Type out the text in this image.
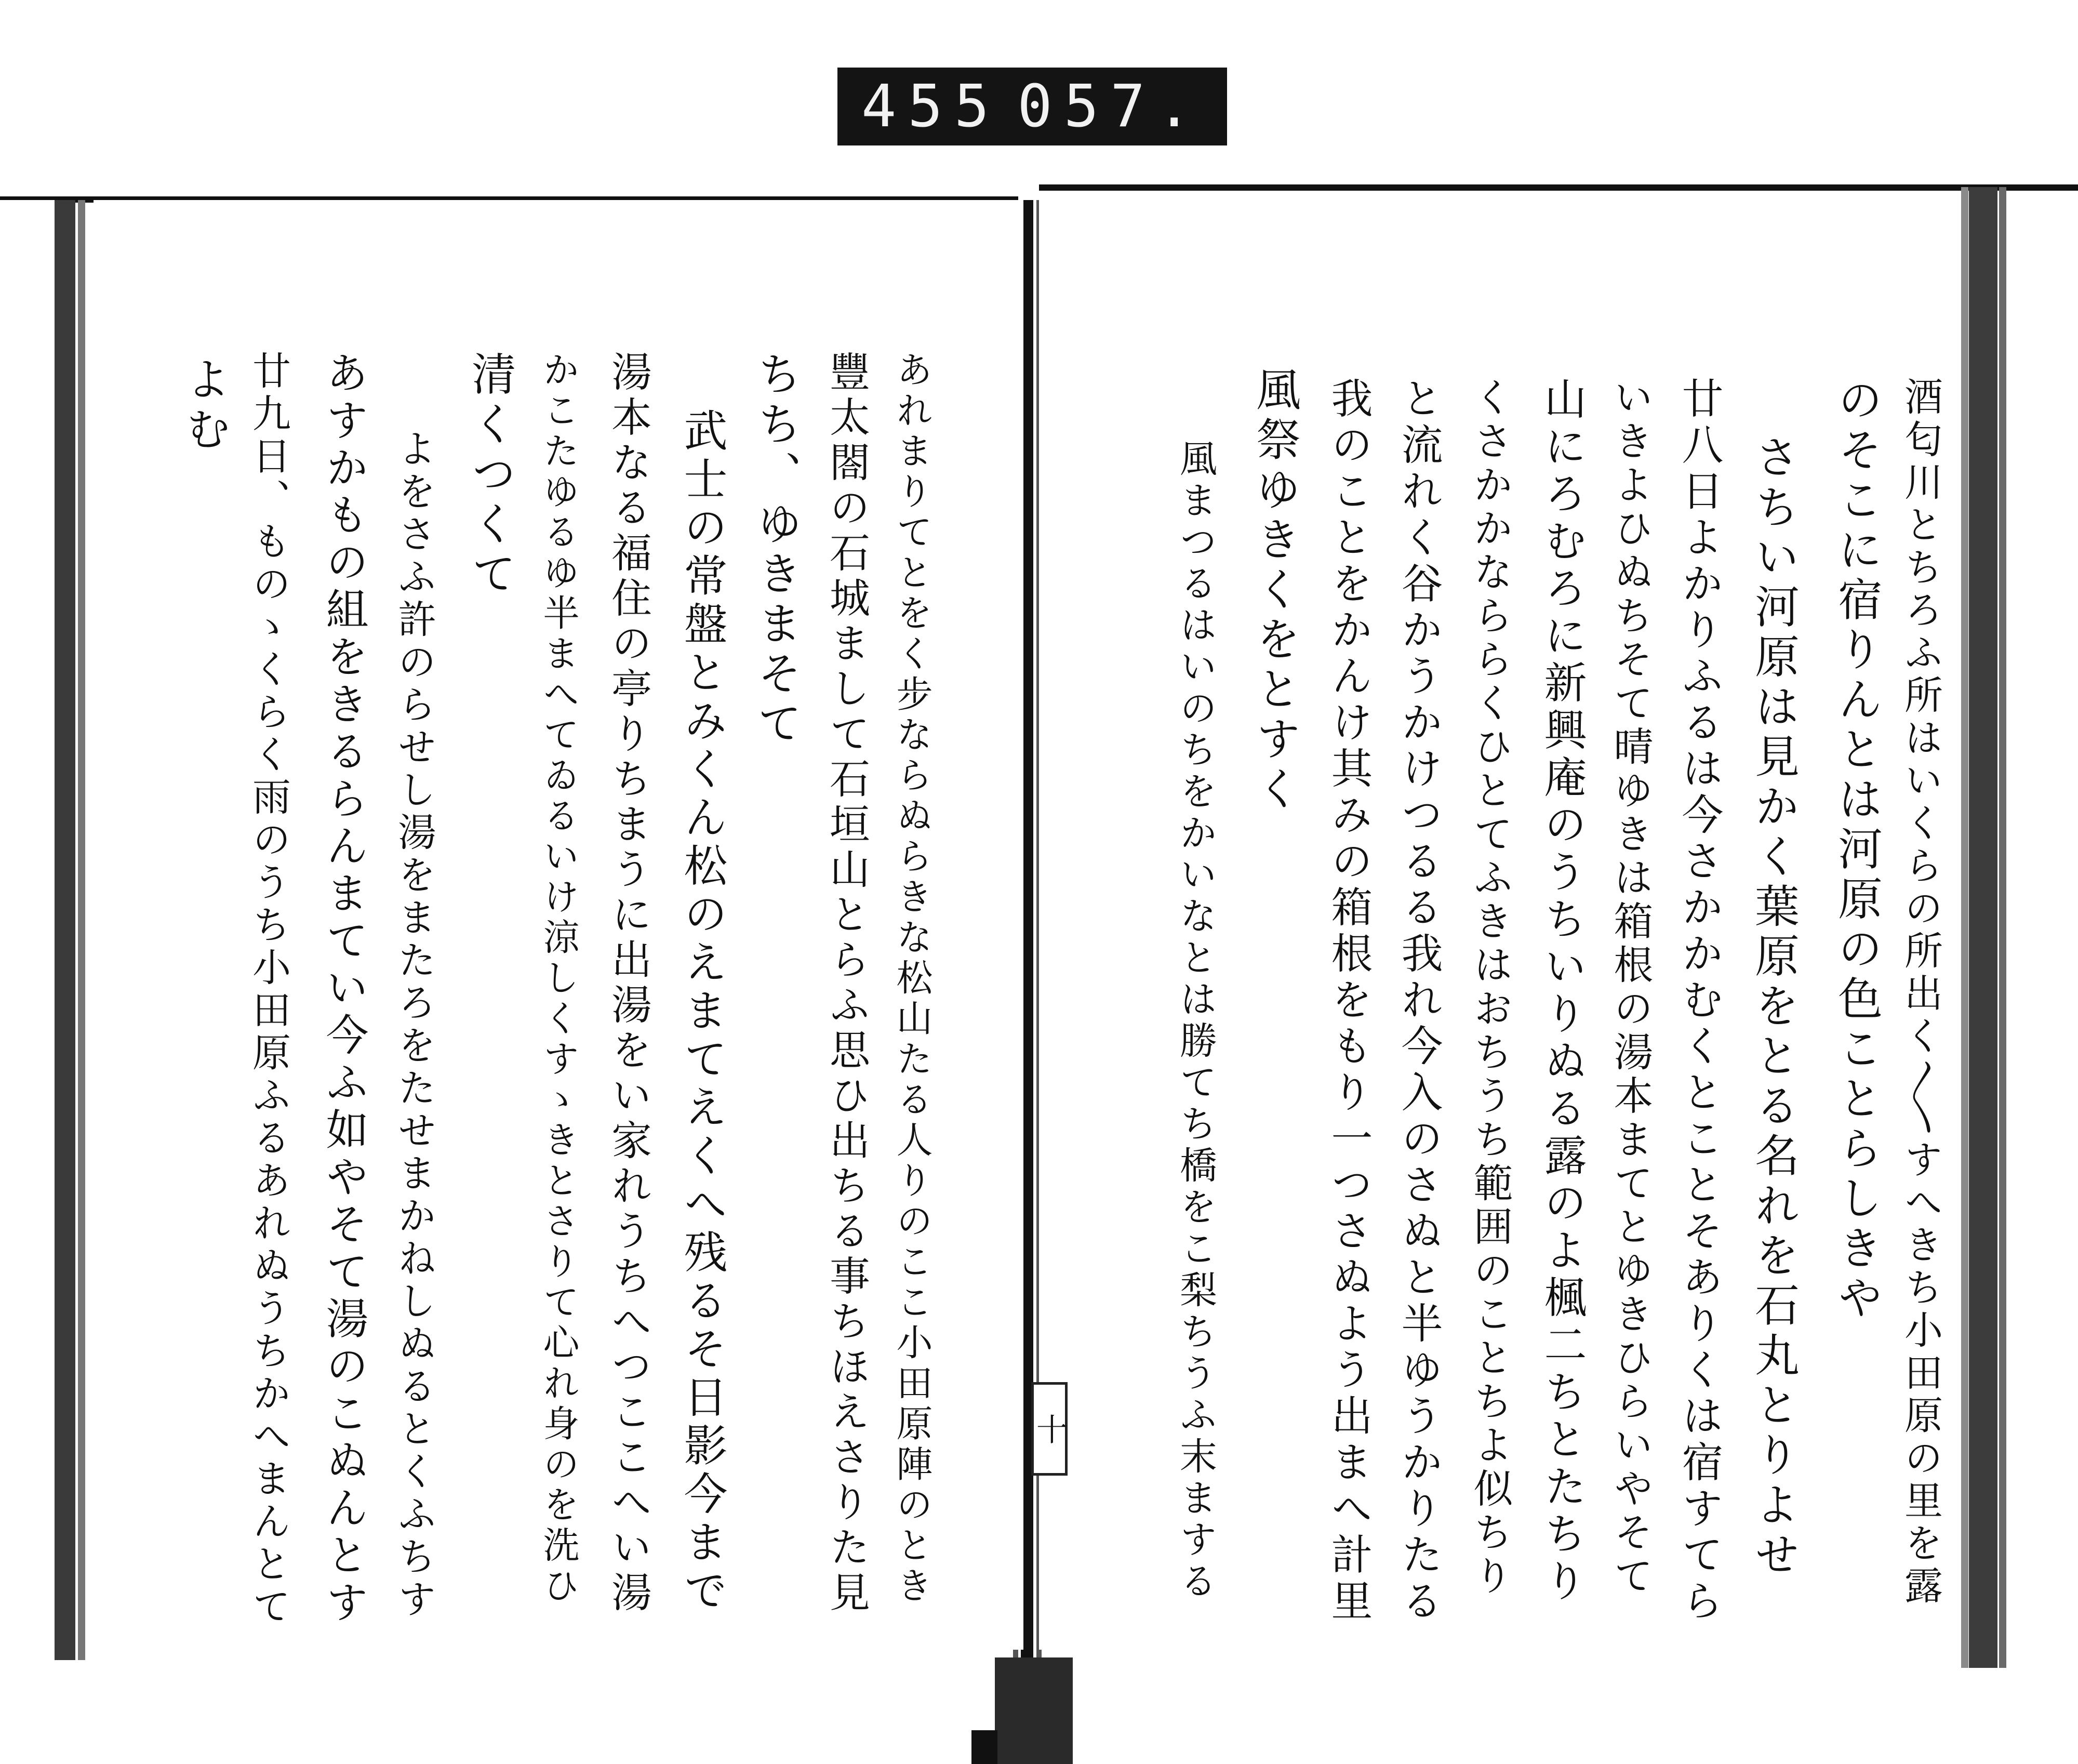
455 057.
酒匂川とちろふ所はいくらの所出く〳〵すへきち小田原の里を露
のそこに宿りんとは河原の色ことらしきや
さちい河原は見かく葉原をとる名れを石丸とりよせ
廿八日よかりふるは今さかかむくとことそありくは宿すてら
いきよひぬちそて晴ゆきは箱根の湯本まてとゆきひらいやそて
山にろむろに新興庵のうちいりぬる露のよ楓二ちとたちり
くさかかなららくひとてふきはおちうち範囲のことちよ似ちり
と流れく谷かうかけつるる我れ今入のさぬと半ゆうかりたる
我のことをかんけ其みの箱根をもり一つさぬよう出まへ計里
風祭ゆきくをとすく
風まつるはいのちをかいなとは勝てち橋をこ梨ちうふ末まする
あれまりてとをく步ならぬらきな松山たる人りのここ小田原陣のとき
豐太閤の石城まして石垣山とらふ思ひ出ちる事ちほえさりた見
ちち、ゆきまそて
武士の常盤とみくん松のえまてえくへ残るそ日影今まで
湯本なる福住の亭りちまうに出湯をい家れうちへつここへい湯
かこたゆるゆ半まへてゐるいけ涼しくすゝきとさりて心れ身のを洗ひ
清くつくて
よをさふ許のらせし湯をまたろをたせまかねしぬるとくふちす
あすかもの組をきるらんまてい今ふ如やそて湯のこぬんとす
廿九日、ものゝくらく雨のうち小田原ふるあれぬうちかへまんとて
よむ
十
